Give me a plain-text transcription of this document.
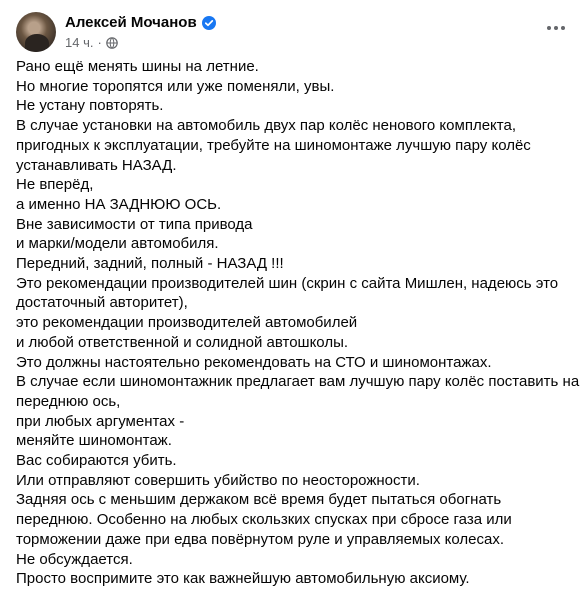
Алексей Мочанов
14 ч. ·
Рано ещё менять шины на летние.
Но многие торопятся или уже поменяли, увы.
Не устану повторять.
В случае установки на автомобиль двух пар колёс ненового комплекта,
пригодных к эксплуатации, требуйте на шиномонтаже лучшую пару колёс
устанавливать НАЗАД.
Не вперёд,
а именно НА ЗАДНЮЮ ОСЬ.
Вне зависимости от типа привода
и марки/модели автомобиля.
Передний, задний, полный - НАЗАД !!!
Это рекомендации производителей шин (скрин с сайта Мишлен, надеюсь это
достаточный авторитет),
это рекомендации производителей автомобилей
и любой ответственной и солидной автошколы.
Это должны настоятельно рекомендовать на СТО и шиномонтажах.
В случае если шиномонтажник предлагает вам лучшую пару колёс поставить на
переднюю ось,
при любых аргументах -
меняйте шиномонтаж.
Вас собираются убить.
Или отправляют совершить убийство по неосторожности.
Задняя ось с меньшим держаком всё время будет пытаться обогнать
переднюю. Особенно на любых скользких спусках при сбросе газа или
торможении даже при едва повёрнутом руле и управляемых колесах.
Не обсуждается.
Просто воспримите это как важнейшую автомобильную аксиому.
